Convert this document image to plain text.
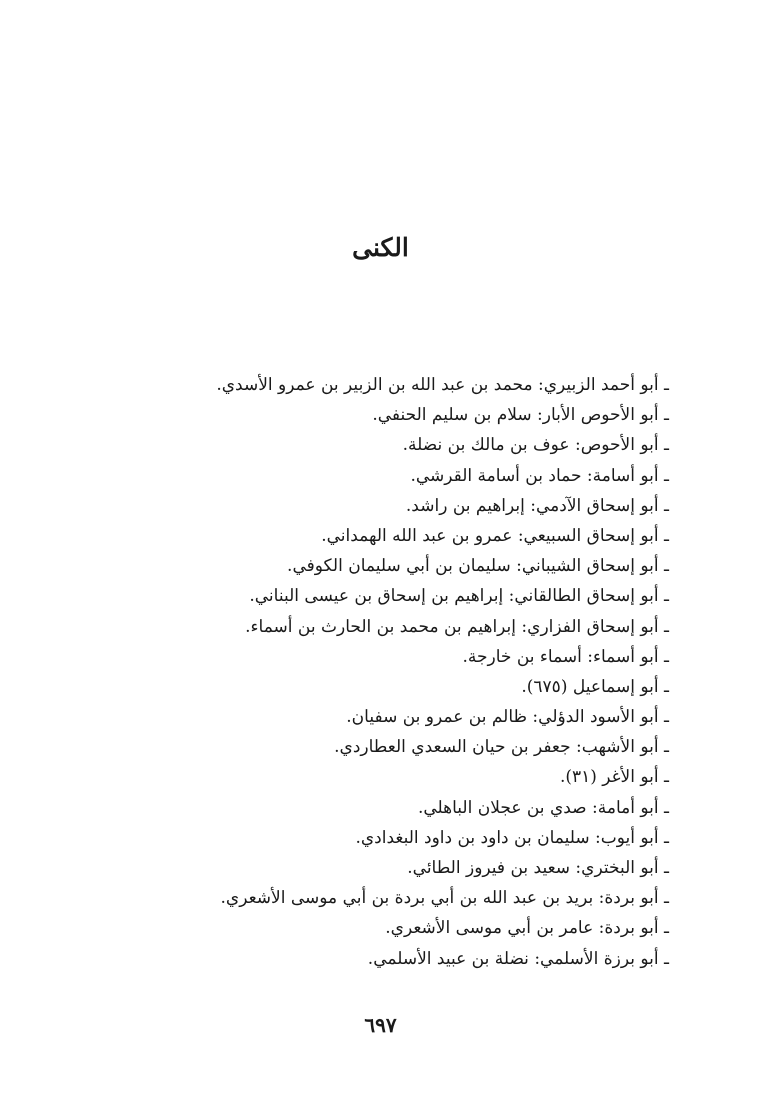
الكنى
ـ أبو أحمد الزبيري: محمد بن عبد الله بن الزبير بن عمرو الأسدي.
ـ أبو الأحوص الأبار: سلام بن سليم الحنفي.
ـ أبو الأحوص: عوف بن مالك بن نضلة.
ـ أبو أسامة: حماد بن أسامة القرشي.
ـ أبو إسحاق الآدمي: إبراهيم بن راشد.
ـ أبو إسحاق السبيعي: عمرو بن عبد الله الهمداني.
ـ أبو إسحاق الشيباني: سليمان بن أبي سليمان الكوفي.
ـ أبو إسحاق الطالقاني: إبراهيم بن إسحاق بن عيسى البناني.
ـ أبو إسحاق الفزاري: إبراهيم بن محمد بن الحارث بن أسماء.
ـ أبو أسماء: أسماء بن خارجة.
ـ أبو إسماعيل (٦٧٥).
ـ أبو الأسود الدؤلي: ظالم بن عمرو بن سفيان.
ـ أبو الأشهب: جعفر بن حيان السعدي العطاردي.
ـ أبو الأغر (٣١).
ـ أبو أمامة: صدي بن عجلان الباهلي.
ـ أبو أيوب: سليمان بن داود بن داود البغدادي.
ـ أبو البختري: سعيد بن فيروز الطائي.
ـ أبو بردة: بريد بن عبد الله بن أبي بردة بن أبي موسى الأشعري.
ـ أبو بردة: عامر بن أبي موسى الأشعري.
ـ أبو برزة الأسلمي: نضلة بن عبيد الأسلمي.
٦٩٧
